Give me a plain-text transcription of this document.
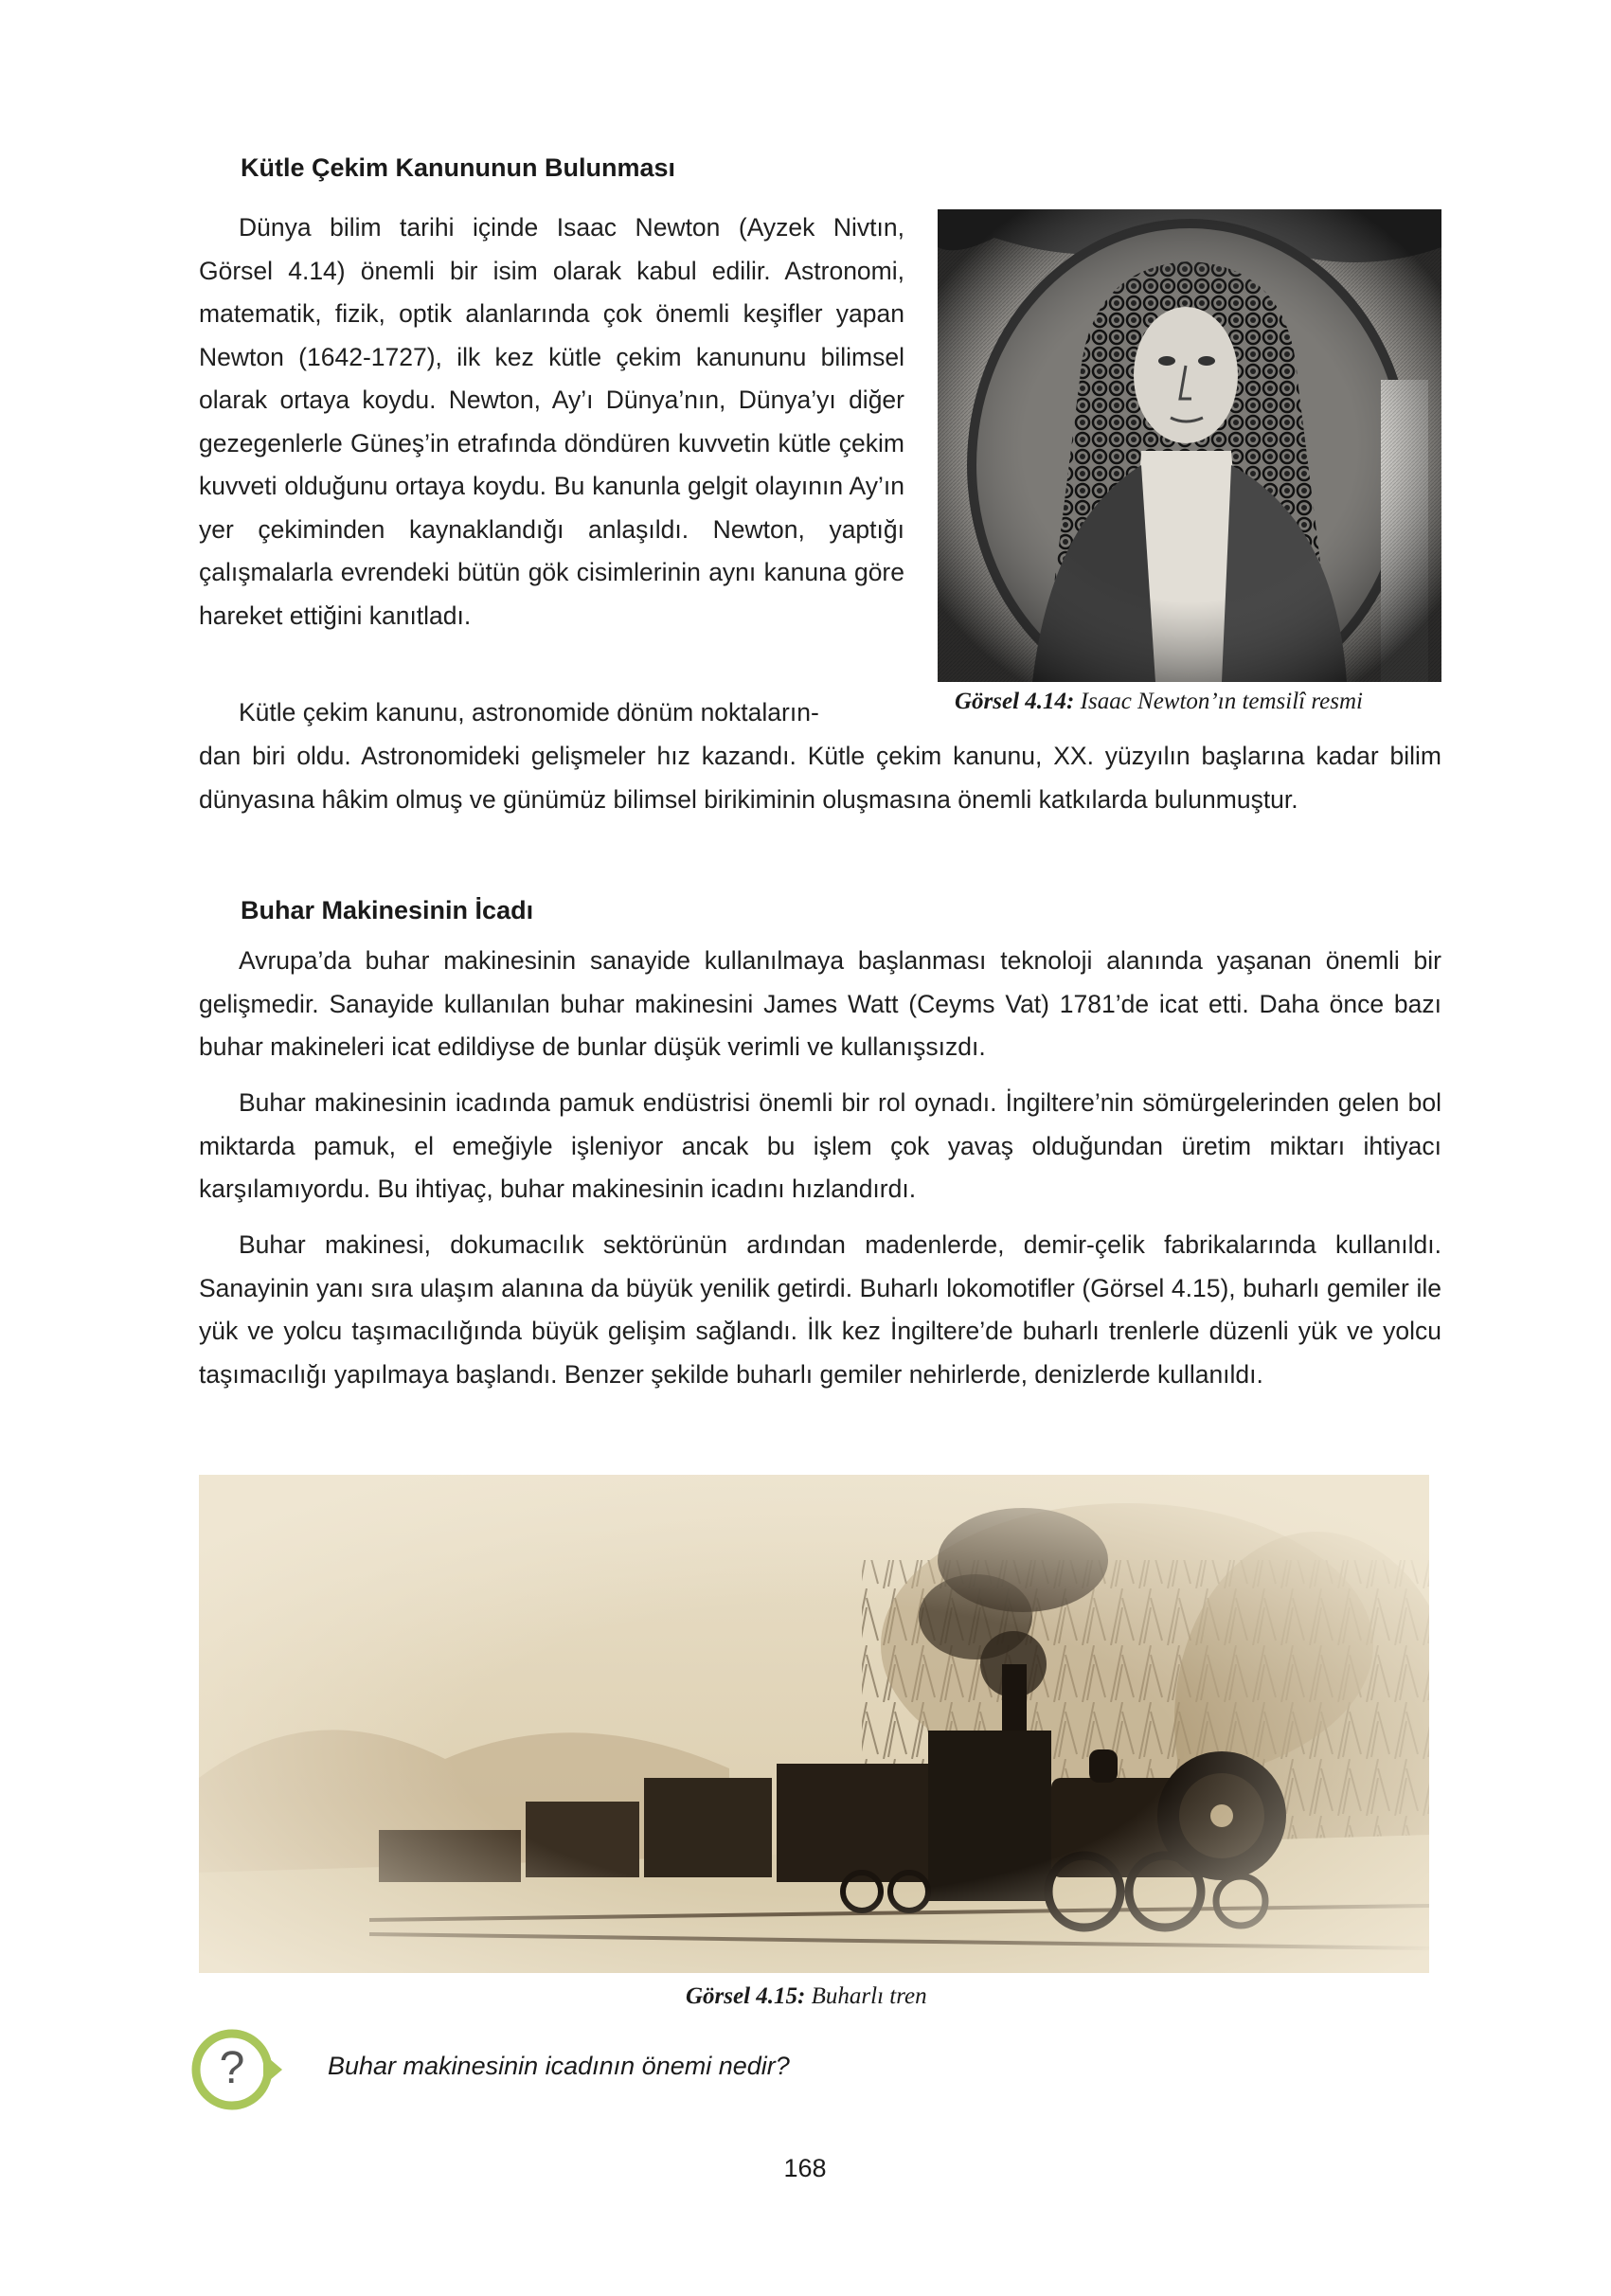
Kütle Çekim Kanununun Bulunması

Dünya bilim tarihi içinde Isaac Newton (Ayzek Nivtın, Görsel 4.14) önemli bir isim olarak kabul edilir. Astronomi, matematik, fizik, optik alanlarında çok önemli keşifler yapan Newton (1642-1727), ilk kez kütle çekim kanununu bilimsel olarak ortaya koydu. Newton, Ay’ı Dünya’nın, Dünya’yı diğer gezegenlerle Güneş’in etrafında döndüren kuvvetin kütle çekim kuvveti olduğunu ortaya koydu. Bu kanunla gelgit olayının Ay’ın yer çekiminden kaynaklandığı anlaşıldı. Newton, yaptığı çalışmalarla evrendeki bütün gök cisimlerinin aynı kanuna göre hareket ettiğini kanıtladı.

Görsel 4.14: Isaac Newton’ın temsilî resmi

Kütle çekim kanunu, astronomide dönüm noktaların-

dan biri oldu. Astronomideki gelişmeler hız kazandı. Kütle çekim kanunu, XX. yüzyılın başlarına kadar bilim dünyasına hâkim olmuş ve günümüz bilimsel birikiminin oluşmasına önemli katkılarda bulunmuştur.

Buhar Makinesinin İcadı

Avrupa’da buhar makinesinin sanayide kullanılmaya başlanması teknoloji alanında yaşanan önemli bir gelişmedir. Sanayide kullanılan buhar makinesini James Watt (Ceyms Vat) 1781’de icat etti. Daha önce bazı buhar makineleri icat edildiyse de bunlar düşük verimli ve kullanışsızdı.

Buhar makinesinin icadında pamuk endüstrisi önemli bir rol oynadı. İngiltere’nin sömürgelerinden gelen bol miktarda pamuk, el emeğiyle işleniyor ancak bu işlem çok yavaş olduğundan üretim miktarı ihtiyacı karşılamıyordu. Bu ihtiyaç, buhar makinesinin icadını hızlandırdı.

Buhar makinesi, dokumacılık sektörünün ardından madenlerde, demir-çelik fabrikalarında kullanıldı. Sanayinin yanı sıra ulaşım alanına da büyük yenilik getirdi. Buharlı lokomotifler (Görsel 4.15), buharlı gemiler ile yük ve yolcu taşımacılığında büyük gelişim sağlandı. İlk kez İngiltere’de buharlı trenlerle düzenli yük ve yolcu taşımacılığı yapılmaya başlandı. Benzer şekilde buharlı gemiler nehirlerde, denizlerde kullanıldı.

Görsel 4.15: Buharlı tren
?	Buhar makinesinin icadının önemi nedir?
168
